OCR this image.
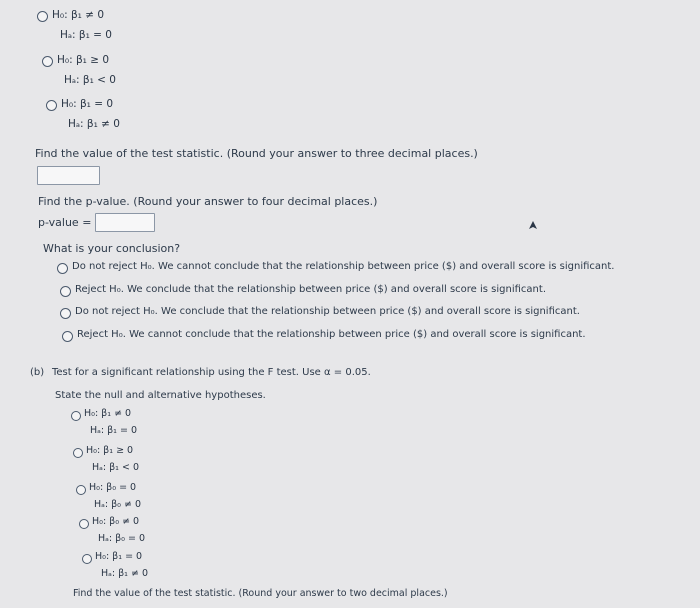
H₀: β₁ ≠ 0
Hₐ: β₁ = 0
H₀: β₁ ≥ 0
Hₐ: β₁ < 0
H₀: β₁ = 0
Hₐ: β₁ ≠ 0
Find the value of the test statistic. (Round your answer to three decimal places.)
Find the p-value. (Round your answer to four decimal places.)
p-value =
What is your conclusion?
Do not reject H₀. We cannot conclude that the relationship between price ($) and overall score is significant.
Reject H₀. We conclude that the relationship between price ($) and overall score is significant.
Do not reject H₀. We conclude that the relationship between price ($) and overall score is significant.
Reject H₀. We cannot conclude that the relationship between price ($) and overall score is significant.
(b) Test for a significant relationship using the F test. Use α = 0.05.
State the null and alternative hypotheses.
H₀: β₁ ≠ 0
Hₐ: β₁ = 0
H₀: β₁ ≥ 0
Hₐ: β₁ < 0
H₀: β₀ = 0
Hₐ: β₀ ≠ 0
H₀: β₀ ≠ 0
Hₐ: β₀ = 0
H₀: β₁ = 0
Hₐ: β₁ ≠ 0
Find the value of the test statistic. (Round your answer to two decimal places.)
